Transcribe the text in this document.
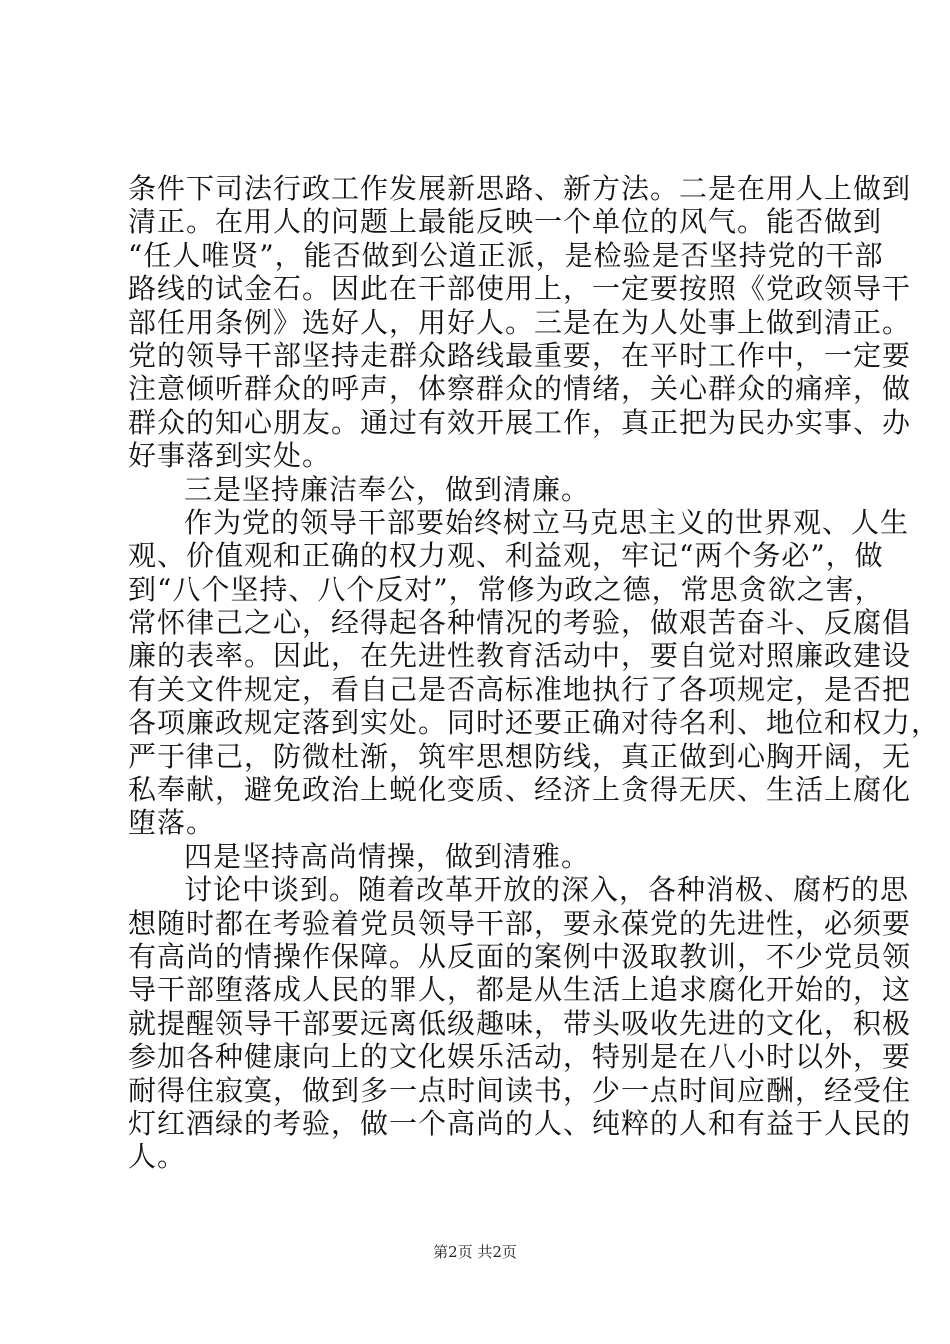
条件下司法行政工作发展新思路、新方法。二是在用人上做到
清正。在用人的问题上最能反映一个单位的风气。能否做到
“任人唯贤”，能否做到公道正派，是检验是否坚持党的干部
路线的试金石。因此在干部使用上，一定要按照《党政领导干
部任用条例》选好人，用好人。三是在为人处事上做到清正。
党的领导干部坚持走群众路线最重要，在平时工作中，一定要
注意倾听群众的呼声，体察群众的情绪，关心群众的痛痒，做
群众的知心朋友。通过有效开展工作，真正把为民办实事、办
好事落到实处。
三是坚持廉洁奉公，做到清廉。
作为党的领导干部要始终树立马克思主义的世界观、人生
观、价值观和正确的权力观、利益观，牢记“两个务必”，做
到“八个坚持、八个反对”，常修为政之德，常思贪欲之害，
常怀律己之心，经得起各种情况的考验，做艰苦奋斗、反腐倡
廉的表率。因此，在先进性教育活动中，要自觉对照廉政建设
有关文件规定，看自己是否高标准地执行了各项规定，是否把
各项廉政规定落到实处。同时还要正确对待名利、地位和权力，
严于律己，防微杜渐，筑牢思想防线，真正做到心胸开阔，无
私奉献，避免政治上蜕化变质、经济上贪得无厌、生活上腐化
堕落。
四是坚持高尚情操，做到清雅。
讨论中谈到。随着改革开放的深入，各种消极、腐朽的思
想随时都在考验着党员领导干部，要永葆党的先进性，必须要
有高尚的情操作保障。从反面的案例中汲取教训，不少党员领
导干部堕落成人民的罪人，都是从生活上追求腐化开始的，这
就提醒领导干部要远离低级趣味，带头吸收先进的文化，积极
参加各种健康向上的文化娱乐活动，特别是在八小时以外，要
耐得住寂寞，做到多一点时间读书，少一点时间应酬，经受住
灯红酒绿的考验，做一个高尚的人、纯粹的人和有益于人民的
人。
第2页 共2页
